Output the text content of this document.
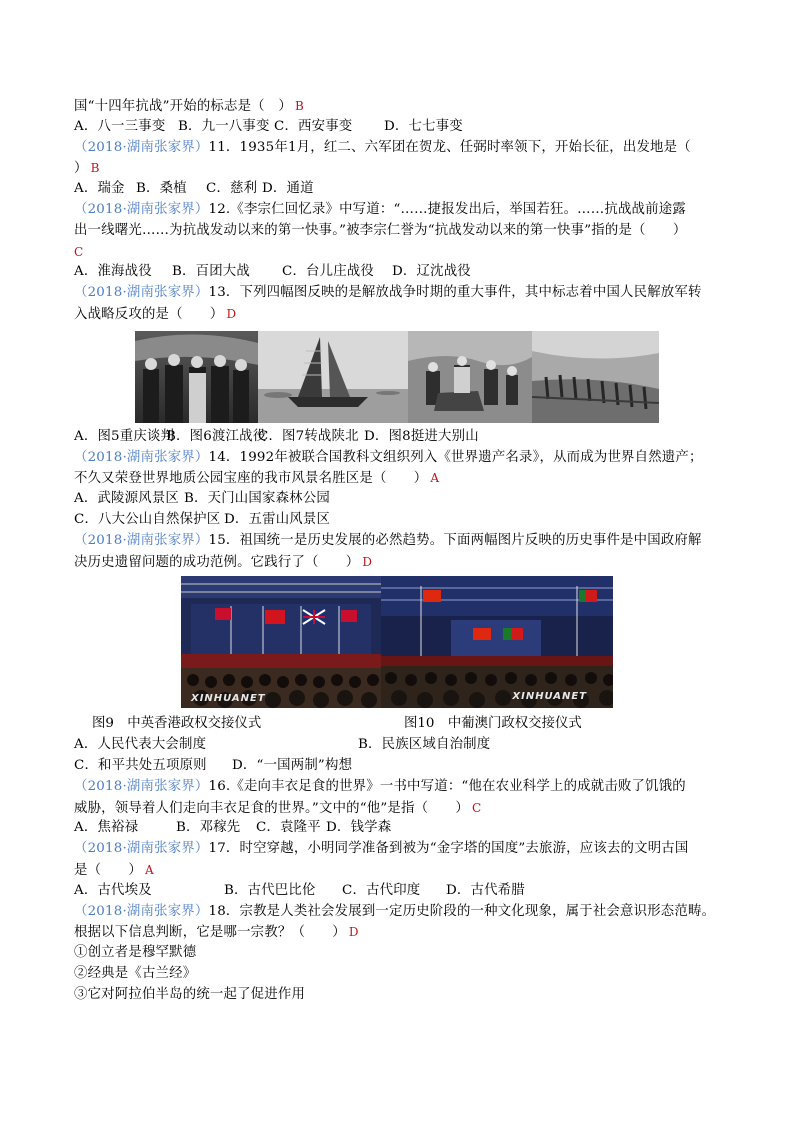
国“十四年抗战”开始的标志是（　） B
A．八一三事变 B．九一八事变 C．西安事变 D．七七事变
（2018·湖南张家界）11．1935年1月，红二、六军团在贺龙、任弼时率领下，开始长征，出发地是（
） B
A．瑞金 B．桑植 C．慈利 D．通道
（2018·湖南张家界）12.《李宗仁回忆录》中写道：“……捷报发出后，举国若狂。……抗战战前途露
出一线曙光……为抗战发动以来的第一快事。”被李宗仁誉为“抗战发动以来的第一快事”指的是（　　）
C
A．淮海战役 B．百团大战 C．台儿庄战役 D．辽沈战役
（2018·湖南张家界）13．下列四幅图反映的是解放战争时期的重大事件，其中标志着中国人民解放军转
入战略反攻的是（　　） D
A．图5重庆谈判B．图6渡江战役C．图7转战陕北 D．图8挺进大别山
（2018·湖南张家界）14．1992年被联合国教科文组织列入《世界遗产名录》，从而成为世界自然遗产；
不久又荣登世界地质公园宝座的我市风景名胜区是（　　） A
A．武陵源风景区 B．天门山国家森林公园
C．八大公山自然保护区 D．五雷山风景区
（2018·湖南张家界）15．祖国统一是历史发展的必然趋势。下面两幅图片反映的历史事件是中国政府解
决历史遗留问题的成功范例。它践行了（　　） D
XINHUANET	XINHUANET
图9　中英香港政权交接仪式	图10　中葡澳门政权交接仪式
A．人民代表大会制度	B．民族区域自治制度
C．和平共处五项原则 D．“一国两制”构想
（2018·湖南张家界）16.《走向丰衣足食的世界》一书中写道：“他在农业科学上的成就击败了饥饿的
威胁，领导着人们走向丰衣足食的世界。”文中的“他”是指（　　） C
A．焦裕禄	B．邓稼先 C．袁隆平 D．钱学森
（2018·湖南张家界）17．时空穿越，小明同学准备到被为“金字塔的国度”去旅游，应该去的文明古国
是（　　） A
A．古代埃及	B．古代巴比伦 C．古代印度 D．古代希腊
（2018·湖南张家界）18．宗教是人类社会发展到一定历史阶段的一种文化现象，属于社会意识形态范畴。
根据以下信息判断，它是哪一宗教？（　　） D
①创立者是穆罕默德
②经典是《古兰经》
③它对阿拉伯半岛的统一起了促进作用
